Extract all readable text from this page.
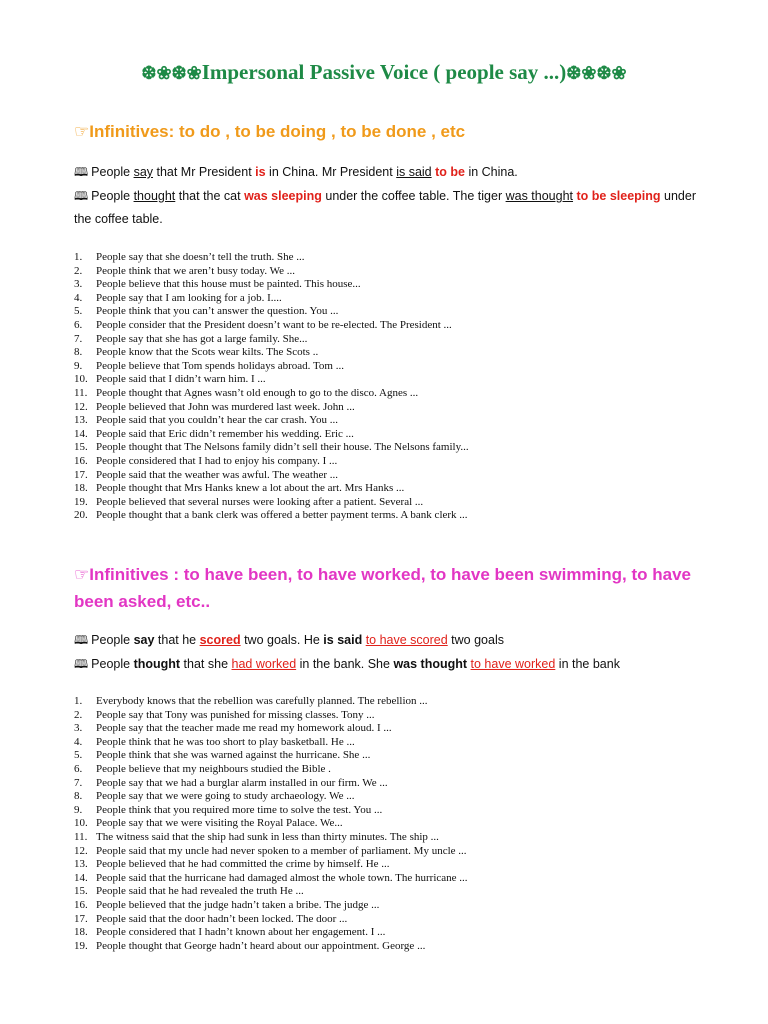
❆❀❆❀Impersonal Passive Voice ( people say ...)❆❀❆❀
☞Infinitives: to do , to be doing , to be done , etc
🕮 People say that Mr President is in China. Mr President is said to be in China.
🕮 People thought that the cat was sleeping under the coffee table. The tiger was thought to be sleeping under the coffee table.
1.	People say that she doesn’t tell the truth. She ...
2.	People think that we aren’t busy today. We ...
3.	People believe that this house must be painted. This house...
4.	People say that I am looking for a job. I....
5.	People think that you can’t answer the question. You ...
6.	People consider that the President doesn’t want to be re-elected. The President ...
7.	People say that she has got a large family. She...
8.	People know that the Scots wear kilts. The Scots ..
9.	People believe that Tom spends holidays abroad. Tom ...
10. People said that I didn’t warn him. I ...
11. People thought that Agnes wasn’t old enough to go to the disco. Agnes ...
12. People believed that John was murdered last week. John ...
13. People said that you couldn’t hear the car crash. You ...
14. People said that Eric didn’t remember his wedding. Eric ...
15. People thought that The Nelsons family didn’t sell their house. The Nelsons family...
16. People considered that I had to enjoy his company. I ...
17. People said that the weather was awful. The weather ...
18. People thought that Mrs Hanks knew a lot about the art. Mrs Hanks ...
19. People believed that several nurses were looking after a patient. Several ...
20. People thought that a bank clerk was offered a better payment terms. A bank clerk ...
☞Infinitives : to have been, to have worked, to have been swimming, to have been asked, etc..
🕮 People say that he scored two goals. He is said to have scored two goals
🕮 People thought that she had worked in the bank. She was thought to have worked in the bank
1.	Everybody knows that the rebellion was carefully planned. The rebellion ...
2.	People say that Tony was punished for missing classes. Tony ...
3.	People say that the teacher made me read my homework aloud. I ...
4.	People think that he was too short to play basketball. He ...
5.	People think that she was warned against the hurricane. She ...
6.	People believe that my neighbours studied the Bible .
7.	People say that we had a burglar alarm installed in our firm. We ...
8.	People say that we were going to study archaeology. We ...
9.	People think that you required more time to solve the test. You ...
10. People say that we were visiting the Royal Palace. We...
11. The witness said that the ship had sunk in less than thirty minutes. The ship ...
12. People said that my uncle had never spoken to a member of parliament. My uncle ...
13. People believed that he had committed the crime by himself. He ...
14. People said that the hurricane had damaged almost the whole town. The hurricane ...
15. People said that he had revealed the truth He ...
16. People believed that the judge hadn’t taken a bribe. The judge ...
17. People said that the door hadn’t been locked. The door ...
18. People considered that I hadn’t known about her engagement. I ...
19. People thought that George hadn’t heard about our appointment. George ...
